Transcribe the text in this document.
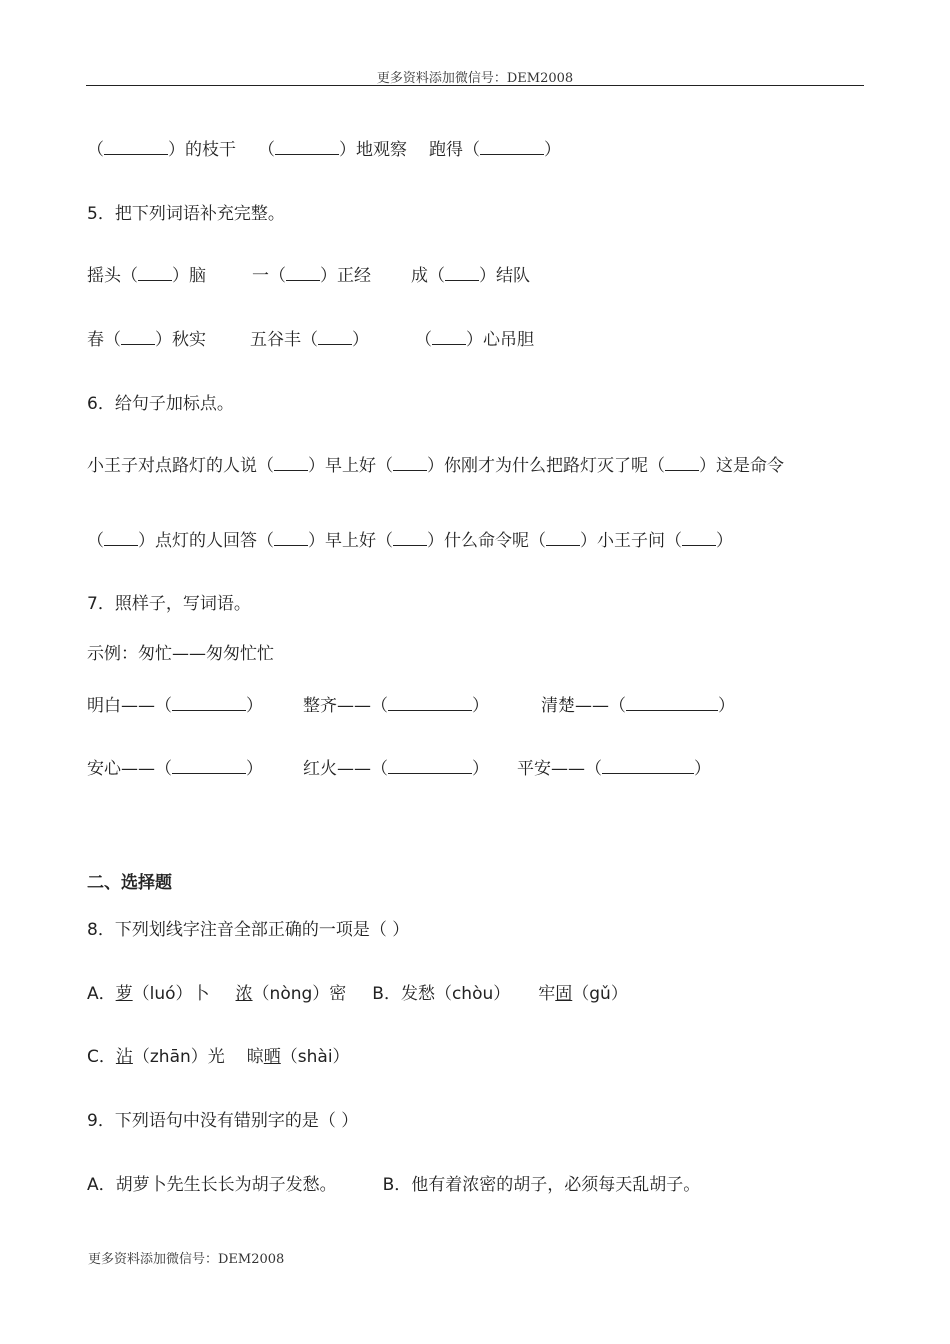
更多资料添加微信号：DEM2008
（	）的枝干 （	）地观察 跑得（	）
5．把下列词语补充完整。
摇头（ ）脑	一（ ）正经 成（ ）结队
春（ ）秋实	五谷丰（ ）	（ ）心吊胆
6．给句子加标点。
小王子对点路灯的人说（ ）早上好（ ）你刚才为什么把路灯灭了呢（ ）这是命令
（ ）点灯的人回答（ ）早上好（ ）什么命令呢（ ）小王子问（ ）
7．照样子，写词语。
示例：匆忙——匆匆忙忙
明白——（	） 整齐——（	）	清楚——（	）
安心——（	） 红火——（	） 平安——（	）
二、选择题
8．下列划线字注音全部正确的一项是（ ）
A．萝（luó）卜 浓（nòng）密 B．发愁（chòu） 牢固（gǔ）
C．沾（zhān）光 晾晒（shài）
9．下列语句中没有错别字的是（ ）
A．胡萝卜先生长长为胡子发愁。	B．他有着浓密的胡子，必须每天乱胡子。
更多资料添加微信号：DEM2008
